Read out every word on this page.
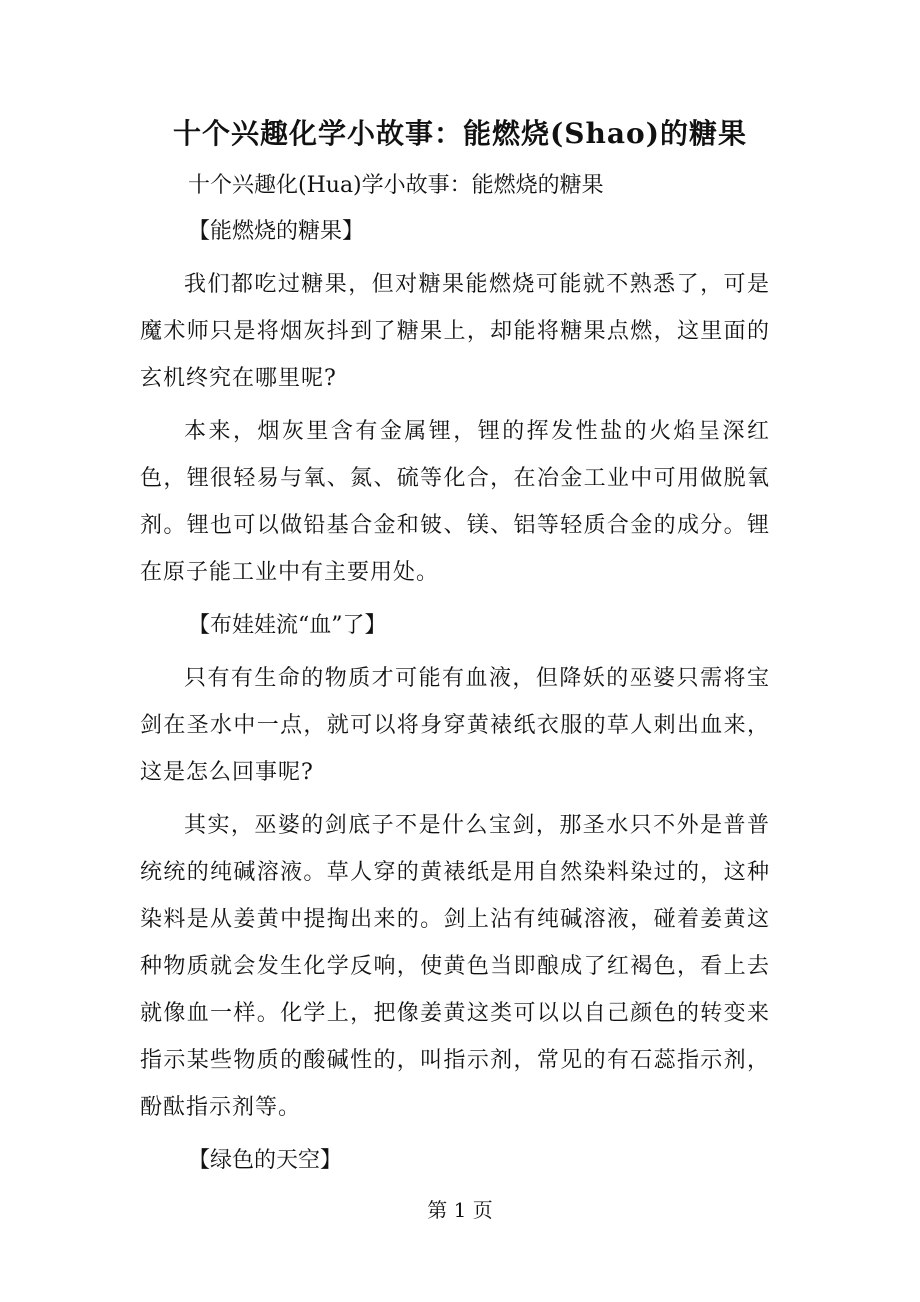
十个兴趣化学小故事：能燃烧(Shao)的糖果
十个兴趣化(Hua)学小故事：能燃烧的糖果
【能燃烧的糖果】

我们都吃过糖果，但对糖果能燃烧可能就不熟悉了，可是魔术师只是将烟灰抖到了糖果上，却能将糖果点燃，这里面的玄机终究在哪里呢?

本来，烟灰里含有金属锂，锂的挥发性盐的火焰呈深红色，锂很轻易与氧、氮、硫等化合，在冶金工业中可用做脱氧剂。锂也可以做铅基合金和铍、镁、铝等轻质合金的成分。锂在原子能工业中有主要用处。

【布娃娃流“血”了】

只有有生命的物质才可能有血液，但降妖的巫婆只需将宝剑在圣水中一点，就可以将身穿黄裱纸衣服的草人刺出血来，这是怎么回事呢?

其实，巫婆的剑底子不是什么宝剑，那圣水只不外是普普统统的纯碱溶液。草人穿的黄裱纸是用自然染料染过的，这种染料是从姜黄中提掏出来的。剑上沾有纯碱溶液，碰着姜黄这种物质就会发生化学反响，使黄色当即酿成了红褐色，看上去就像血一样。化学上，把像姜黄这类可以以自己颜色的转变来指示某些物质的酸碱性的，叫指示剂，常见的有石蕊指示剂，酚酞指示剂等。

【绿色的天空】
第 1 页
